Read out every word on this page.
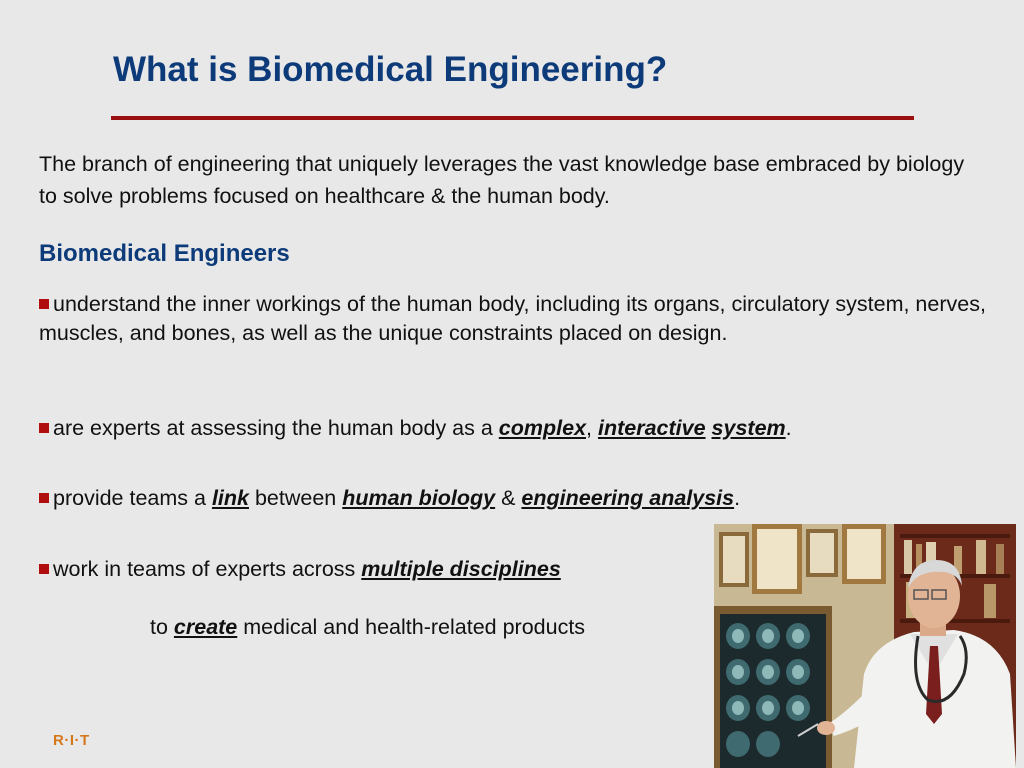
What is Biomedical Engineering?
The branch of engineering that uniquely leverages the vast knowledge base embraced by biology to solve problems focused on healthcare & the human body.
Biomedical Engineers
understand the inner workings of the human body, including its organs, circulatory system, nerves, muscles, and bones, as well as the unique constraints placed on design.
are experts at assessing the human body as a complex, interactive system.
provide teams a link between human biology & engineering analysis.
work in teams of experts across multiple disciplines
to create medical and health-related products
R·I·T
